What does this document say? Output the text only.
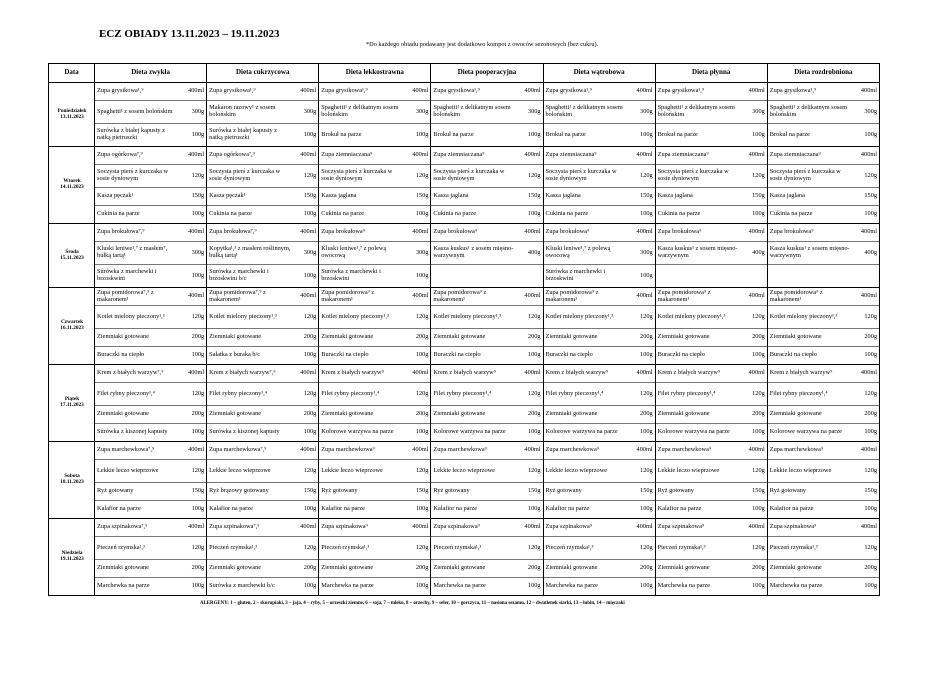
ECZ OBIADY 13.11.2023 – 19.11.2023
*Do każdego obiadu podawany jest dodatkowo kompot z owoców sezonowych (bez cukru).
Data	Dieta zwykła		Dieta cukrzycowa		Dieta lekkostrawna		Dieta pooperacyjna		Dieta wątrobowa		Dieta płynna		Dieta rozdrobniona	

Poniedziałek
13.11.2023	Zupa grysikowa¹,⁹	400ml	Zupa grysikowa¹,⁹	400ml	Zupa grysikowa¹,⁹	400ml	Zupa grysikowa¹,⁹	400ml	Zupa grysikowa¹,⁹	400ml	Zupa grysikowa¹,⁹	400ml	Zupa grysikowa¹,⁹	400ml
	Spaghetti¹ z sosem bolońskim	300g	Makaron razowy¹ z sosem bolońskim	300g	Spaghetti¹ z delikatnym sosem bolońskim	300g	Spaghetti¹ z delikatnym sosem bolońskim	300g	Spaghetti¹ z delikatnym sosem bolońskim	300g	Spaghetti¹ z delikatnym sosem bolońskim	300g	Spaghetti¹ z delikatnym sosem bolońskim	300g
	Surówka z białej kapusty z natką pietruszki	100g	Surówka z białej kapusty z natką pietruszki	100g	Brokuł na parze	100g	Brokuł na parze	100g	Brokuł na parze	100g	Brokuł na parze	100g	Brokuł na parze	100g

Wtorek
14.11.2023	Zupa ogórkowa⁷,⁹	400ml	Zupa ogórkowa⁷,⁹	400ml	Zupa ziemniaczana⁹	400ml	Zupa ziemniaczana⁹	400ml	Zupa ziemniaczana⁹	400ml	Zupa ziemniaczana⁹	400ml	Zupa ziemniaczana⁹	400ml
	Soczysta pierś z kurczaka w sosie dyniowym	120g	Soczysta pierś z kurczaka w sosie dyniowym	120g	Soczysta pierś z kurczaka w sosie dyniowym	120g	Soczysta pierś z kurczaka w sosie dyniowym	120g	Soczysta pierś z kurczaka w sosie dyniowym	120g	Soczysta pierś z kurczaka w sosie dyniowym	120g	Soczysta pierś z kurczaka w sosie dyniowym	120g
	Kasza pęczak¹	150g	Kasza pęczak¹	150g	Kasza jaglana	150g	Kasza jaglana	150g	Kasza jaglana	150g	Kasza jaglana	150g	Kasza jaglana	150g
	Cukinia na parze	100g	Cukinia na parze	100g	Cukinia na parze	100g	Cukinia na parze	100g	Cukinia na parze	100g	Cukinia na parze	100g	Cukinia na parze	100g

Środa
15.11.2023	Zupa brokułowa⁷,⁹	400ml	Zupa brokułowa⁷,⁹	400ml	Zupa brokułowa⁹	400ml	Zupa brokułowa⁹	400ml	Zupa brokułowa⁹	400ml	Zupa brokułowa⁹	400ml	Zupa brokułowa⁹	400ml
	Kluski leniwe¹,⁷ z masłem⁷, bułką tartą¹	300g	Kopytka¹,³ z masłem roślinnym, bułką tartą¹	300g	Kluski leniwe¹,⁷ z polewą owocową	300g	Kasza kuskus¹ z sosem mięsno-warzywnym	400g	Kluski leniwe¹,⁷ z polewą owocową	300g	Kasza kuskus¹ z sosem mięsno-warzywnym	400g	Kasza kuskus¹ z sosem mięsno-warzywnym	400g
	Surówka z marchewki i brzoskwini	100g	Surówka z marchewki i brzoskwini b/c	100g	Surówka z marchewki i brzoskwini	100g			Surówka z marchewki i brzoskwini	100g				

Czwartek
16.11.2023	Zupa pomidorowa⁷,⁹ z makaronem¹	400ml	Zupa pomidorowa⁷,⁹ z makaronem¹	400ml	Zupa pomidorowa⁹ z makaronem¹	400ml	Zupa pomidorowa⁹ z makaronem¹	400ml	Zupa pomidorowa⁹ z makaronem¹	400ml	Zupa pomidorowa⁹ z makaronem¹	400ml	Zupa pomidorowa⁹ z makaronem¹	400ml
	Kotlet mielony pieczony¹,³	120g	Kotlet mielony pieczony¹,³	120g	Kotlet mielony pieczony¹,³	120g	Kotlet mielony pieczony¹,³	120g	Kotlet mielony pieczony¹,³	120g	Kotlet mielony pieczony¹,³	120g	Kotlet mielony pieczony¹,³	120g
	Ziemniaki gotowane	200g	Ziemniaki gotowane	200g	Ziemniaki gotowane	200g	Ziemniaki gotowane	200g	Ziemniaki gotowane	200g	Ziemniaki gotowane	200g	Ziemniaki gotowane	200g
	Buraczki na ciepło	100g	Sałatka z buraka b/c	100g	Buraczki na ciepło	100g	Buraczki na ciepło	100g	Buraczki na ciepło	100g	Buraczki na ciepło	100g	Buraczki na ciepło	100g

Piątek
17.11.2023	Krem z białych warzyw⁷,⁹	400ml	Krem z białych warzyw⁷,⁹	400ml	Krem z białych warzyw⁹	400ml	Krem z białych warzyw⁹	400ml	Krem z białych warzyw⁹	400ml	Krem z białych warzyw⁹	400ml	Krem z białych warzyw⁹	400ml
	Filet rybny pieczony¹,⁴	120g	Filet rybny pieczony¹,⁴	120g	Filet rybny pieczony¹,⁴	120g	Filet rybny pieczony¹,⁴	120g	Filet rybny pieczony¹,⁴	120g	Filet rybny pieczony¹,⁴	120g	Filet rybny pieczony¹,⁴	120g
	Ziemniaki gotowane	200g	Ziemniaki gotowane	200g	Ziemniaki gotowane	200g	Ziemniaki gotowane	200g	Ziemniaki gotowane	200g	Ziemniaki gotowane	200g	Ziemniaki gotowane	200g
	Surówka z kiszonej kapusty	100g	Surówka z kiszonej kapusty	100g	Kolorowe warzywa na parze	100g	Kolorowe warzywa na parze	100g	Kolorowe warzywa na parze	100g	Kolorowe warzywa na parze	100g	Kolorowe warzywa na parze	100g

Sobota
18.11.2023	Zupa marchewkowa⁷,⁹	400ml	Zupa marchewkowa⁷,⁹	400ml	Zupa marchewkowa⁹	400ml	Zupa marchewkowa⁹	400ml	Zupa marchewkowa⁹	400ml	Zupa marchewkowa⁹	400ml	Zupa marchewkowa⁹	400ml
	Lekkie leczo wieprzowe	120g	Lekkie leczo wieprzowe	120g	Lekkie leczo wieprzowe	120g	Lekkie leczo wieprzowe	120g	Lekkie leczo wieprzowe	120g	Lekkie leczo wieprzowe	120g	Lekkie leczo wieprzowe	120g
	Ryż gotowany	150g	Ryż brązowy gotowany	150g	Ryż gotowany	150g	Ryż gotowany	150g	Ryż gotowany	150g	Ryż gotowany	150g	Ryż gotowany	150g
	Kalafior na parze	100g	Kalafior na parze	100g	Kalafior na parze	100g	Kalafior na parze	100g	Kalafior na parze	100g	Kalafior na parze	100g	Kalafior na parze	100g

Niedziela
19.11.2023	Zupa szpinakowa⁷,⁹	400ml	Zupa szpinakowa⁷,⁹	400ml	Zupa szpinakowa⁹	400ml	Zupa szpinakowa⁹	400ml	Zupa szpinakowa⁹	400ml	Zupa szpinakowa⁹	400ml	Zupa szpinakowa⁹	400ml
	Pieczeń rzymska¹,³	120g	Pieczeń rzymska¹,³	120g	Pieczeń rzymska¹,³	120g	Pieczeń rzymska¹,³	120g	Pieczeń rzymska¹,³	120g	Pieczeń rzymska¹,³	120g	Pieczeń rzymska¹,³	120g
	Ziemniaki gotowane	200g	Ziemniaki gotowane	200g	Ziemniaki gotowane	200g	Ziemniaki gotowane	200g	Ziemniaki gotowane	200g	Ziemniaki gotowane	200g	Ziemniaki gotowane	200g
	Marchewka na parze	100g	Surówka z marchewki b/c	100g	Marchewka na parze	100g	Marchewka na parze	100g	Marchewka na parze	100g	Marchewka na parze	100g	Marchewka na parze	100g
ALERGENY: 1 – gluten, 2 – skorupiaki, 3 – jaja, 4 – ryby, 5 – orzeszki ziemne, 6 – soja, 7 – mleko, 8 – orzechy, 9 – seler, 10 – gorczyca, 11 – nasiona sezamu, 12 – dwutlenek siarki, 13 – łubin, 14 – mięczaki
